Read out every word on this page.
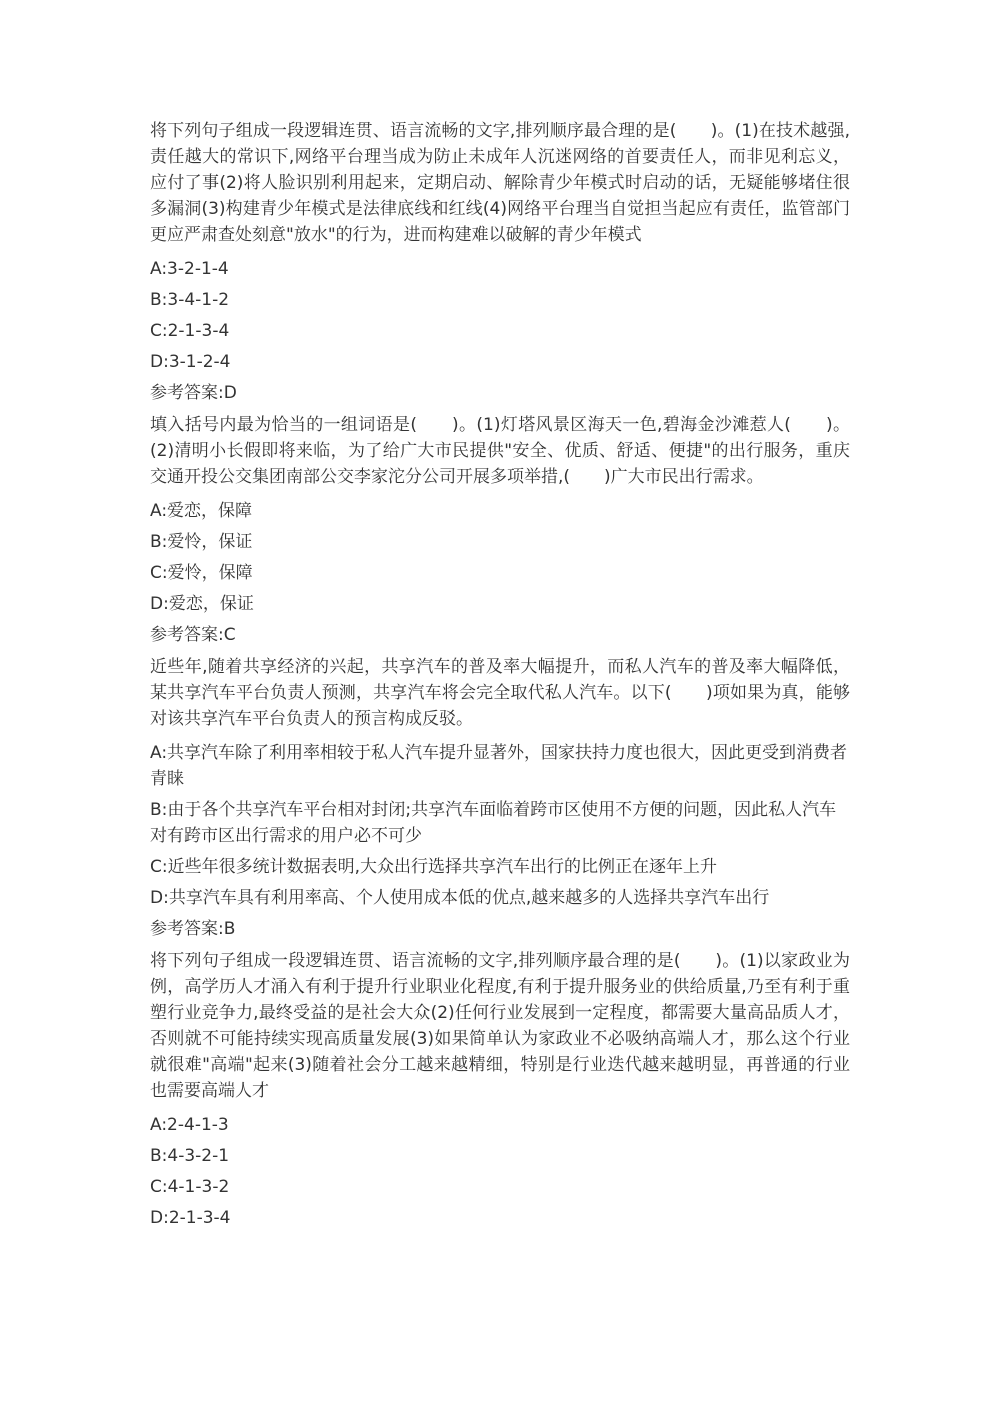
将下列句子组成一段逻辑连贯、语言流畅的文字,排列顺序最合理的是(　　)。(1)在技术越强,责任越大的常识下,网络平台理当成为防止未成年人沉迷网络的首要责任人，而非见利忘义，应付了事(2)将人脸识别利用起来，定期启动、解除青少年模式时启动的话，无疑能够堵住很多漏洞(3)构建青少年模式是法律底线和红线(4)网络平台理当自觉担当起应有责任，监管部门更应严肃查处刻意"放水"的行为，进而构建难以破解的青少年模式

A:3-2-1-4

B:3-4-1-2

C:2-1-3-4

D:3-1-2-4

参考答案:D

填入括号内最为恰当的一组词语是(　　)。(1)灯塔风景区海天一色,碧海金沙滩惹人(　　)。(2)清明小长假即将来临，为了给广大市民提供"安全、优质、舒适、便捷"的出行服务，重庆交通开投公交集团南部公交李家沱分公司开展多项举措,(　　)广大市民出行需求。

A:爱恋，保障

B:爱怜，保证

C:爱怜，保障

D:爱恋，保证

参考答案:C

近些年,随着共享经济的兴起，共享汽车的普及率大幅提升，而私人汽车的普及率大幅降低，某共享汽车平台负责人预测，共享汽车将会完全取代私人汽车。以下(　　)项如果为真，能够对该共享汽车平台负责人的预言构成反驳。

A:共享汽车除了利用率相较于私人汽车提升显著外，国家扶持力度也很大，因此更受到消费者青睐

B:由于各个共享汽车平台相对封闭;共享汽车面临着跨市区使用不方便的问题，因此私人汽车对有跨市区出行需求的用户必不可少

C:近些年很多统计数据表明,大众出行选择共享汽车出行的比例正在逐年上升

D:共享汽车具有利用率高、个人使用成本低的优点,越来越多的人选择共享汽车出行

参考答案:B

将下列句子组成一段逻辑连贯、语言流畅的文字,排列顺序最合理的是(　　)。(1)以家政业为例，高学历人才涌入有利于提升行业职业化程度,有利于提升服务业的供给质量,乃至有利于重塑行业竞争力,最终受益的是社会大众(2)任何行业发展到一定程度，都需要大量高品质人才，否则就不可能持续实现高质量发展(3)如果简单认为家政业不必吸纳高端人才，那么这个行业就很难"高端"起来(3)随着社会分工越来越精细，特别是行业迭代越来越明显，再普通的行业也需要高端人才

A:2-4-1-3

B:4-3-2-1

C:4-1-3-2

D:2-1-3-4
